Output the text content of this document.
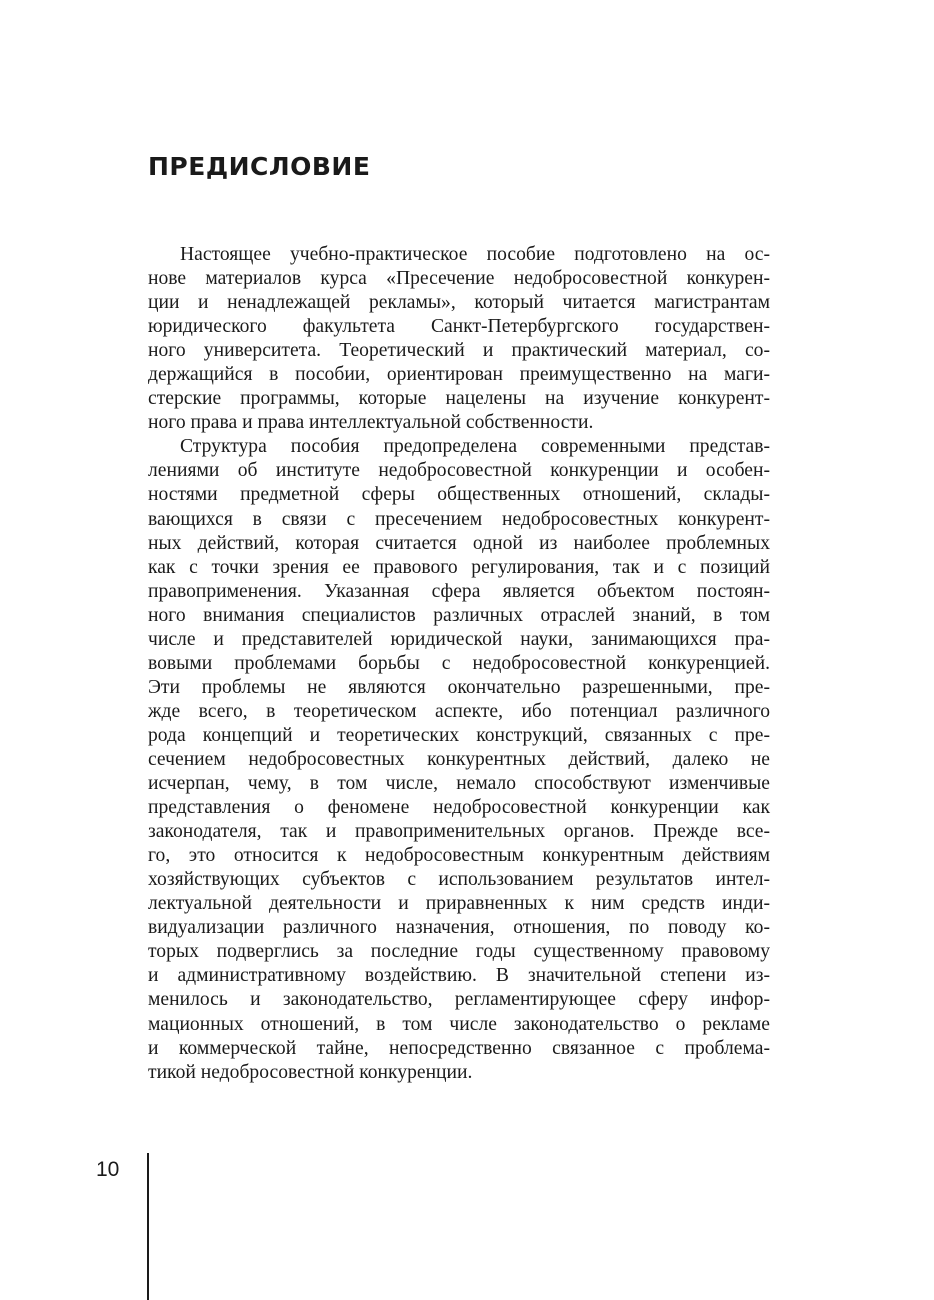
ПРЕДИСЛОВИЕ

Настоящее учебно-практическое пособие подготовлено на ос-
нове материалов курса «Пресечение недобросовестной конкурен-
ции и ненадлежащей рекламы», который читается магистрантам
юридического факультета Санкт-Петербургского государствен-
ного университета. Теоретический и практический материал, со-
держащийся в пособии, ориентирован преимущественно на маги-
стерские программы, которые нацелены на изучение конкурент-
ного права и права интеллектуальной собственности.

Структура пособия предопределена современными представ-
лениями об институте недобросовестной конкуренции и особен-
ностями предметной сферы общественных отношений, склады-
вающихся в связи с пресечением недобросовестных конкурент-
ных действий, которая считается одной из наиболее проблемных
как с точки зрения ее правового регулирования, так и с позиций
правоприменения. Указанная сфера является объектом постоян-
ного внимания специалистов различных отраслей знаний, в том
числе и представителей юридической науки, занимающихся пра-
вовыми проблемами борьбы с недобросовестной конкуренцией.
Эти проблемы не являются окончательно разрешенными, пре-
жде всего, в теоретическом аспекте, ибо потенциал различного
рода концепций и теоретических конструкций, связанных с пре-
сечением недобросовестных конкурентных действий, далеко не
исчерпан, чему, в том числе, немало способствуют изменчивые
представления о феномене недобросовестной конкуренции как
законодателя, так и правоприменительных органов. Прежде все-
го, это относится к недобросовестным конкурентным действиям
хозяйствующих субъектов с использованием результатов интел-
лектуальной деятельности и приравненных к ним средств инди-
видуализации различного назначения, отношения, по поводу ко-
торых подверглись за последние годы существенному правовому
и административному воздействию. В значительной степени из-
менилось и законодательство, регламентирующее сферу инфор-
мационных отношений, в том числе законодательство о рекламе
и коммерческой тайне, непосредственно связанное с проблема-
тикой недобросовестной конкуренции.

10
